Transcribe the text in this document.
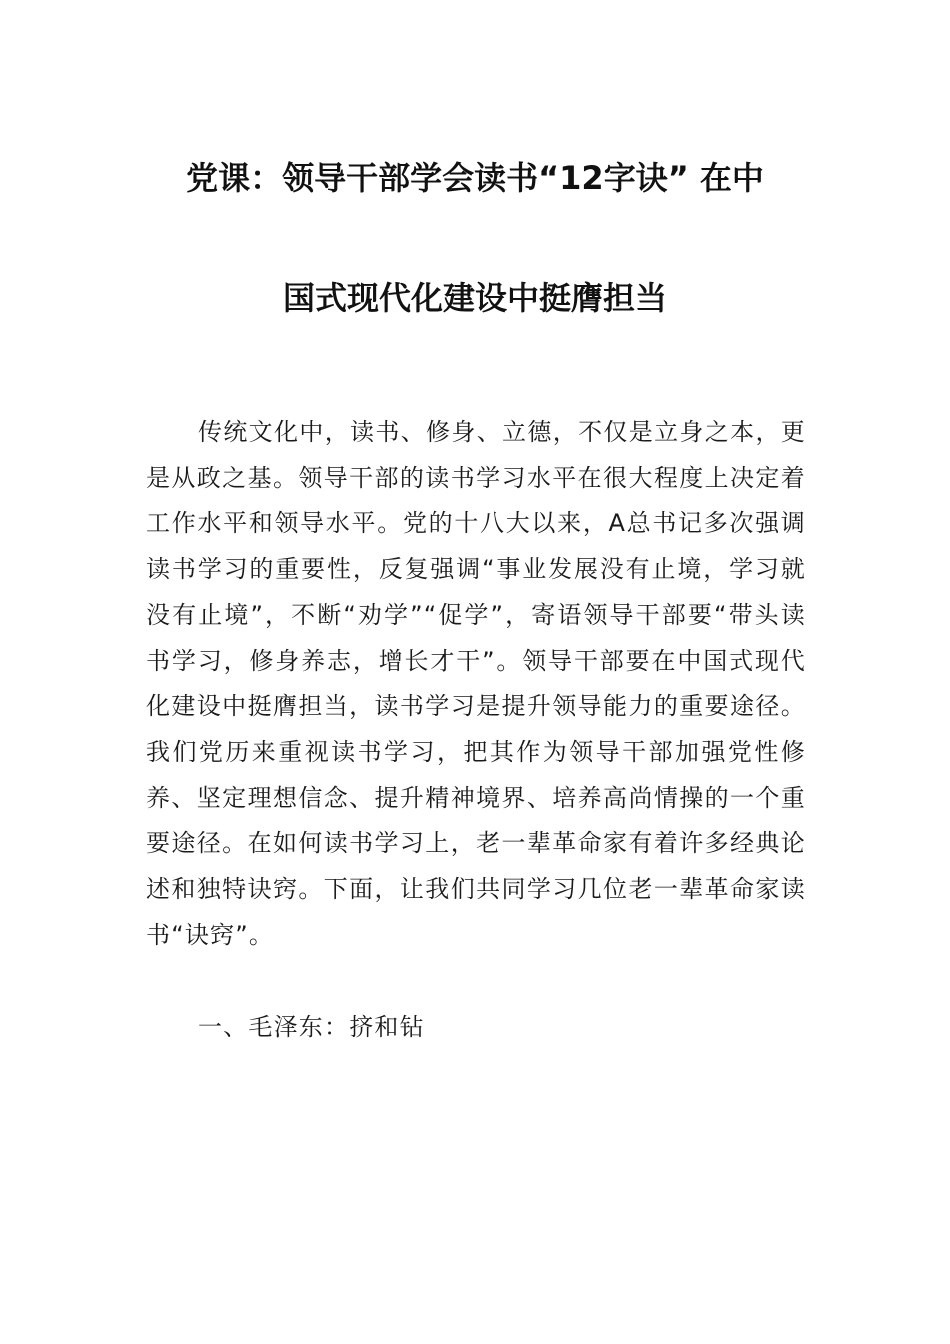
党课：领导干部学会读书“12字诀” 在中
国式现代化建设中挺膺担当

传统文化中，读书、修身、立德，不仅是立身之本，更是从政之基。领导干部的读书学习水平在很大程度上决定着工作水平和领导水平。党的十八大以来，A总书记多次强调读书学习的重要性，反复强调“事业发展没有止境，学习就没有止境”，不断“劝学”“促学”，寄语领导干部要“带头读书学习，修身养志，增长才干”。领导干部要在中国式现代化建设中挺膺担当，读书学习是提升领导能力的重要途径。我们党历来重视读书学习，把其作为领导干部加强党性修养、坚定理想信念、提升精神境界、培养高尚情操的一个重要途径。在如何读书学习上，老一辈革命家有着许多经典论述和独特诀窍。下面，让我们共同学习几位老一辈革命家读书“诀窍”。

一、毛泽东：挤和钻
